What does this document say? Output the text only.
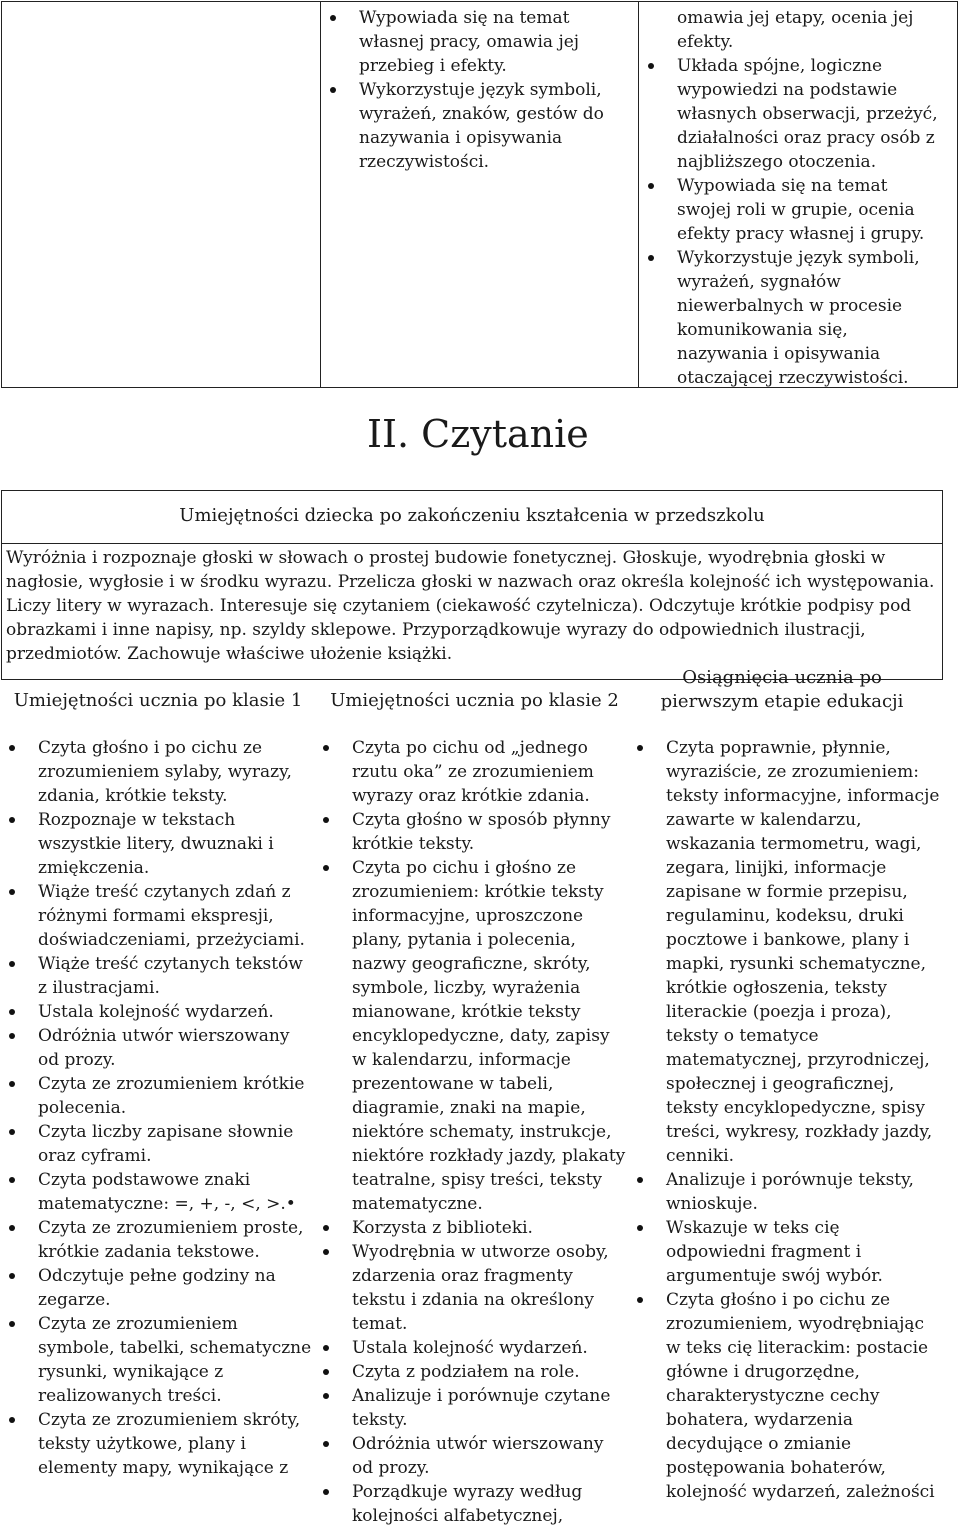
Wypowiada się na temat własnej pracy, omawia jej przebieg i efekty.
Wykorzystuje język symboli, wyrażeń, znaków, gestów do nazywania i opisywania rzeczywistości.
omawia jej etapy, ocenia jej efekty.
Układa spójne, logiczne wypowiedzi na podstawie własnych obserwacji, przeżyć, działalności oraz pracy osób z najbliższego otoczenia.
Wypowiada się na temat swojej roli w grupie, ocenia efekty pracy własnej i grupy.
Wykorzystuje język symboli, wyrażeń, sygnałów niewerbalnych w procesie komunikowania się, nazywania i opisywania otaczającej rzeczywistości.
II. Czytanie
Umiejętności dziecka po zakończeniu kształcenia w przedszkolu
Wyróżnia i rozpoznaje głoski w słowach o prostej budowie fonetycznej. Głoskuje, wyodrębnia głoski w nagłosie, wygłosie i w środku wyrazu. Przelicza głoski w nazwach oraz określa kolejność ich występowania. Liczy litery w wyrazach. Interesuje się czytaniem (ciekawość czytelnicza). Odczytuje krótkie podpisy pod obrazkami i inne napisy, np. szyldy sklepowe. Przyporządkowuje wyrazy do odpowiednich ilustracji, przedmiotów. Zachowuje właściwe ułożenie książki.
Umiejętności ucznia po klasie 1	Umiejętności ucznia po klasie 2
Osiągnięcia ucznia po pierwszym etapie edukacji
Czyta głośno i po cichu ze zrozumieniem sylaby, wyrazy, zdania, krótkie teksty.
Rozpoznaje w tekstach wszystkie litery, dwuznaki i zmiękczenia.
Wiąże treść czytanych zdań z różnymi formami ekspresji, doświadczeniami, przeżyciami.
Wiąże treść czytanych tekstów z ilustracjami.
Ustala kolejność wydarzeń.
Odróżnia utwór wierszowany od prozy.
Czyta ze zrozumieniem krótkie polecenia.
Czyta liczby zapisane słownie oraz cyframi.
Czyta podstawowe znaki matematyczne: =, +, -, <, >.•
Czyta ze zrozumieniem proste, krótkie zadania tekstowe.
Odczytuje pełne godziny na zegarze.
Czyta ze zrozumieniem symbole, tabelki, schematyczne rysunki, wynikające z realizowanych treści.
Czyta ze zrozumieniem skróty, teksty użytkowe, plany i elementy mapy, wynikające z
Czyta po cichu od „jednego rzutu oka” ze zrozumieniem wyrazy oraz krótkie zdania.
Czyta głośno w sposób płynny krótkie teksty.
Czyta po cichu i głośno ze zrozumieniem: krótkie teksty informacyjne, uproszczone plany, pytania i polecenia, nazwy geograficzne, skróty, symbole, liczby, wyrażenia mianowane, krótkie teksty encyklopedyczne, daty, zapisy w kalendarzu, informacje prezentowane w tabeli, diagramie, znaki na mapie, niektóre schematy, instrukcje, niektóre rozkłady jazdy, plakaty teatralne, spisy treści, teksty matematyczne.
Korzysta z biblioteki.
Wyodrębnia w utworze osoby, zdarzenia oraz fragmenty tekstu i zdania na określony temat.
Ustala kolejność wydarzeń.
Czyta z podziałem na role.
Analizuje i porównuje czytane teksty.
Odróżnia utwór wierszowany od prozy.
Porządkuje wyrazy według kolejności alfabetycznej,
Czyta poprawnie, płynnie, wyraziście, ze zrozumieniem: teksty informacyjne, informacje zawarte w kalendarzu, wskazania termometru, wagi, zegara, linijki, informacje zapisane w formie przepisu, regulaminu, kodeksu, druki pocztowe i bankowe, plany i mapki, rysunki schematyczne, krótkie ogłoszenia, teksty literackie (poezja i proza), teksty o tematyce matematycznej, przyrodniczej, społecznej i geograficznej, teksty encyklopedyczne, spisy treści, wykresy, rozkłady jazdy, cenniki.
Analizuje i porównuje teksty, wnioskuje.
Wskazuje w teks cię odpowiedni fragment i argumentuje swój wybór.
Czyta głośno i po cichu ze zrozumieniem, wyodrębniając w teks cię literackim: postacie główne i drugorzędne, charakterystyczne cechy bohatera, wydarzenia decydujące o zmianie postępowania bohaterów, kolejność wydarzeń, zależności
